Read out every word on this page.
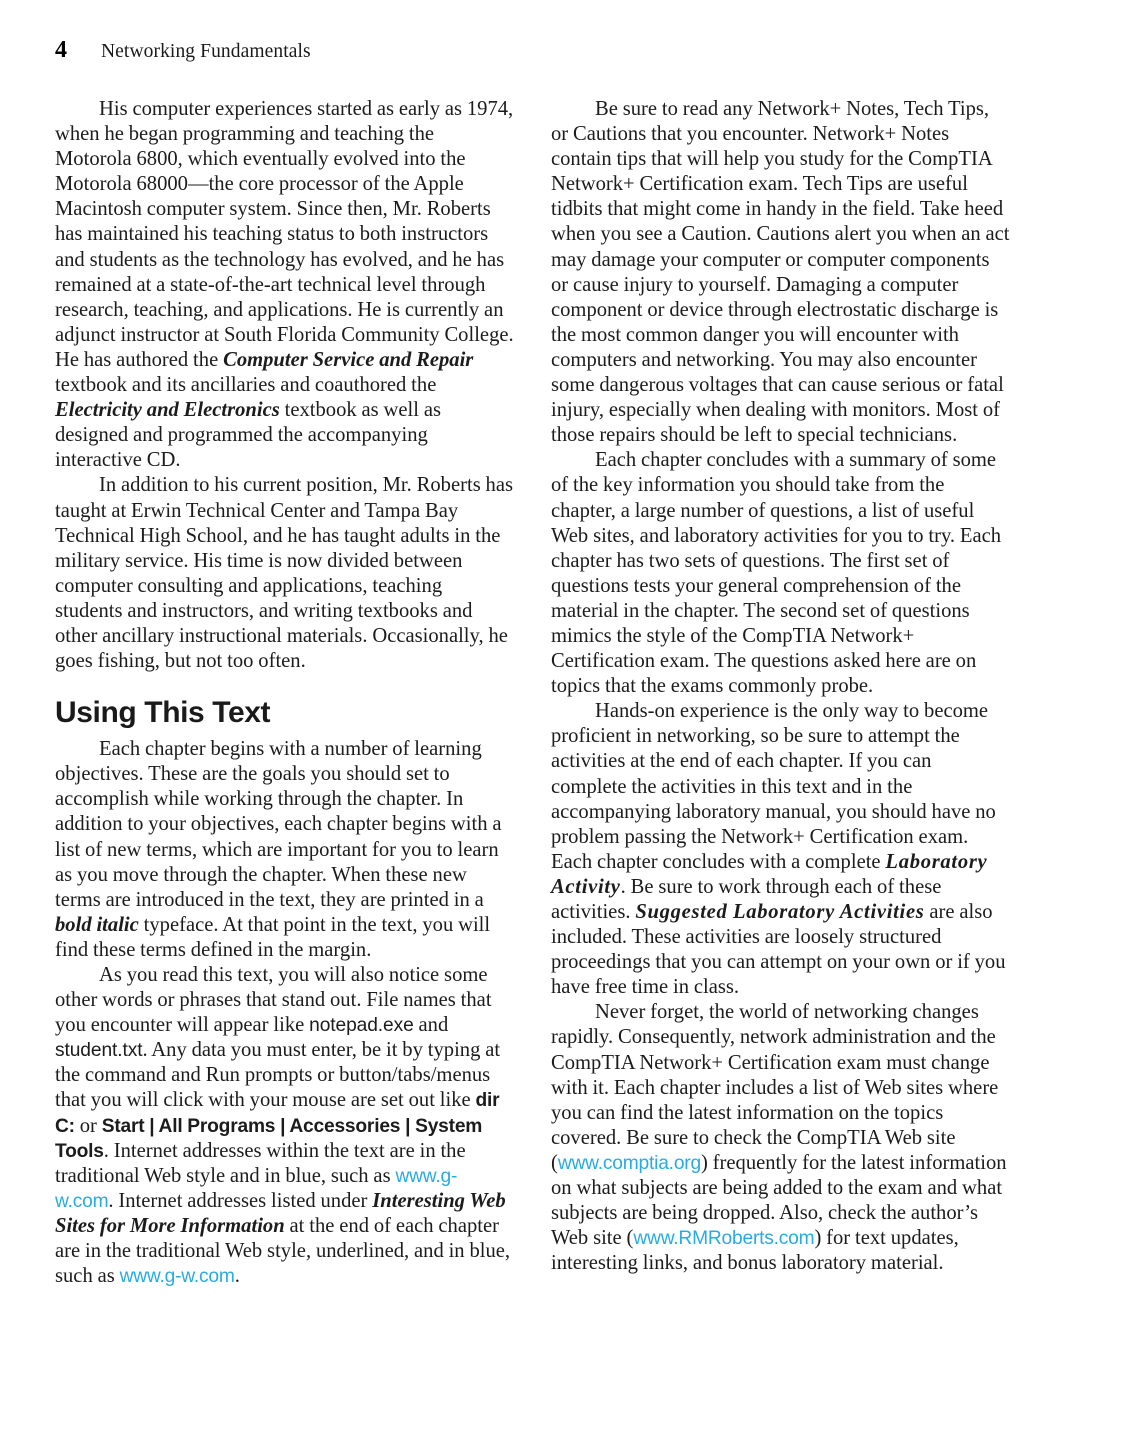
4	Networking Fundamentals

His computer experiences started as early as 1974, when he began programming and teaching the Motorola 6800, which eventually evolved into the Motorola 68000—the core processor of the Apple Macintosh computer system. Since then, Mr. Roberts has maintained his teaching status to both instructors and students as the technology has evolved, and he has remained at a state-of-the-art technical level through research, teaching, and applications. He is currently an adjunct instructor at South Florida Community College. He has authored the Computer Service and Repair textbook and its ancillaries and coauthored the Electricity and Electronics textbook as well as designed and programmed the accompanying interactive CD.

In addition to his current position, Mr. Roberts has taught at Erwin Technical Center and Tampa Bay Technical High School, and he has taught adults in the military service. His time is now divided between computer consulting and applications, teaching students and instructors, and writing textbooks and other ancillary instructional materials. Occasionally, he goes fishing, but not too often.

Using This Text

Each chapter begins with a number of learning objectives. These are the goals you should set to accomplish while working through the chapter. In addition to your objectives, each chapter begins with a list of new terms, which are important for you to learn as you move through the chapter. When these new terms are introduced in the text, they are printed in a bold italic typeface. At that point in the text, you will find these terms defined in the margin.

As you read this text, you will also notice some other words or phrases that stand out. File names that you encounter will appear like notepad.exe and student.txt. Any data you must enter, be it by typing at the command and Run prompts or button/tabs/menus that you will click with your mouse are set out like dir C: or Start | All Programs | Accessories | System Tools. Internet addresses within the text are in the traditional Web style and in blue, such as www.g-w.com. Internet addresses listed under Interesting Web Sites for More Information at the end of each chapter are in the traditional Web style, underlined, and in blue, such as www.g-w.com.

Be sure to read any Network+ Notes, Tech Tips, or Cautions that you encounter. Network+ Notes contain tips that will help you study for the CompTIA Network+ Certification exam. Tech Tips are useful tidbits that might come in handy in the field. Take heed when you see a Caution. Cautions alert you when an act may damage your computer or computer components or cause injury to yourself. Damaging a computer component or device through electrostatic discharge is the most common danger you will encounter with computers and networking. You may also encounter some dangerous voltages that can cause serious or fatal injury, especially when dealing with monitors. Most of those repairs should be left to special technicians.

Each chapter concludes with a summary of some of the key information you should take from the chapter, a large number of questions, a list of useful Web sites, and laboratory activities for you to try. Each chapter has two sets of questions. The first set of questions tests your general comprehension of the material in the chapter. The second set of questions mimics the style of the CompTIA Network+ Certification exam. The questions asked here are on topics that the exams commonly probe.

Hands-on experience is the only way to become proficient in networking, so be sure to attempt the activities at the end of each chapter. If you can complete the activities in this text and in the accompanying laboratory manual, you should have no problem passing the Network+ Certification exam. Each chapter concludes with a complete Laboratory Activity. Be sure to work through each of these activities. Suggested Laboratory Activities are also included. These activities are loosely structured proceedings that you can attempt on your own or if you have free time in class.

Never forget, the world of networking changes rapidly. Consequently, network administration and the CompTIA Network+ Certification exam must change with it. Each chapter includes a list of Web sites where you can find the latest information on the topics covered. Be sure to check the CompTIA Web site (www.comptia.org) frequently for the latest information on what subjects are being added to the exam and what subjects are being dropped. Also, check the author’s Web site (www.RMRoberts.com) for text updates, interesting links, and bonus laboratory material.
